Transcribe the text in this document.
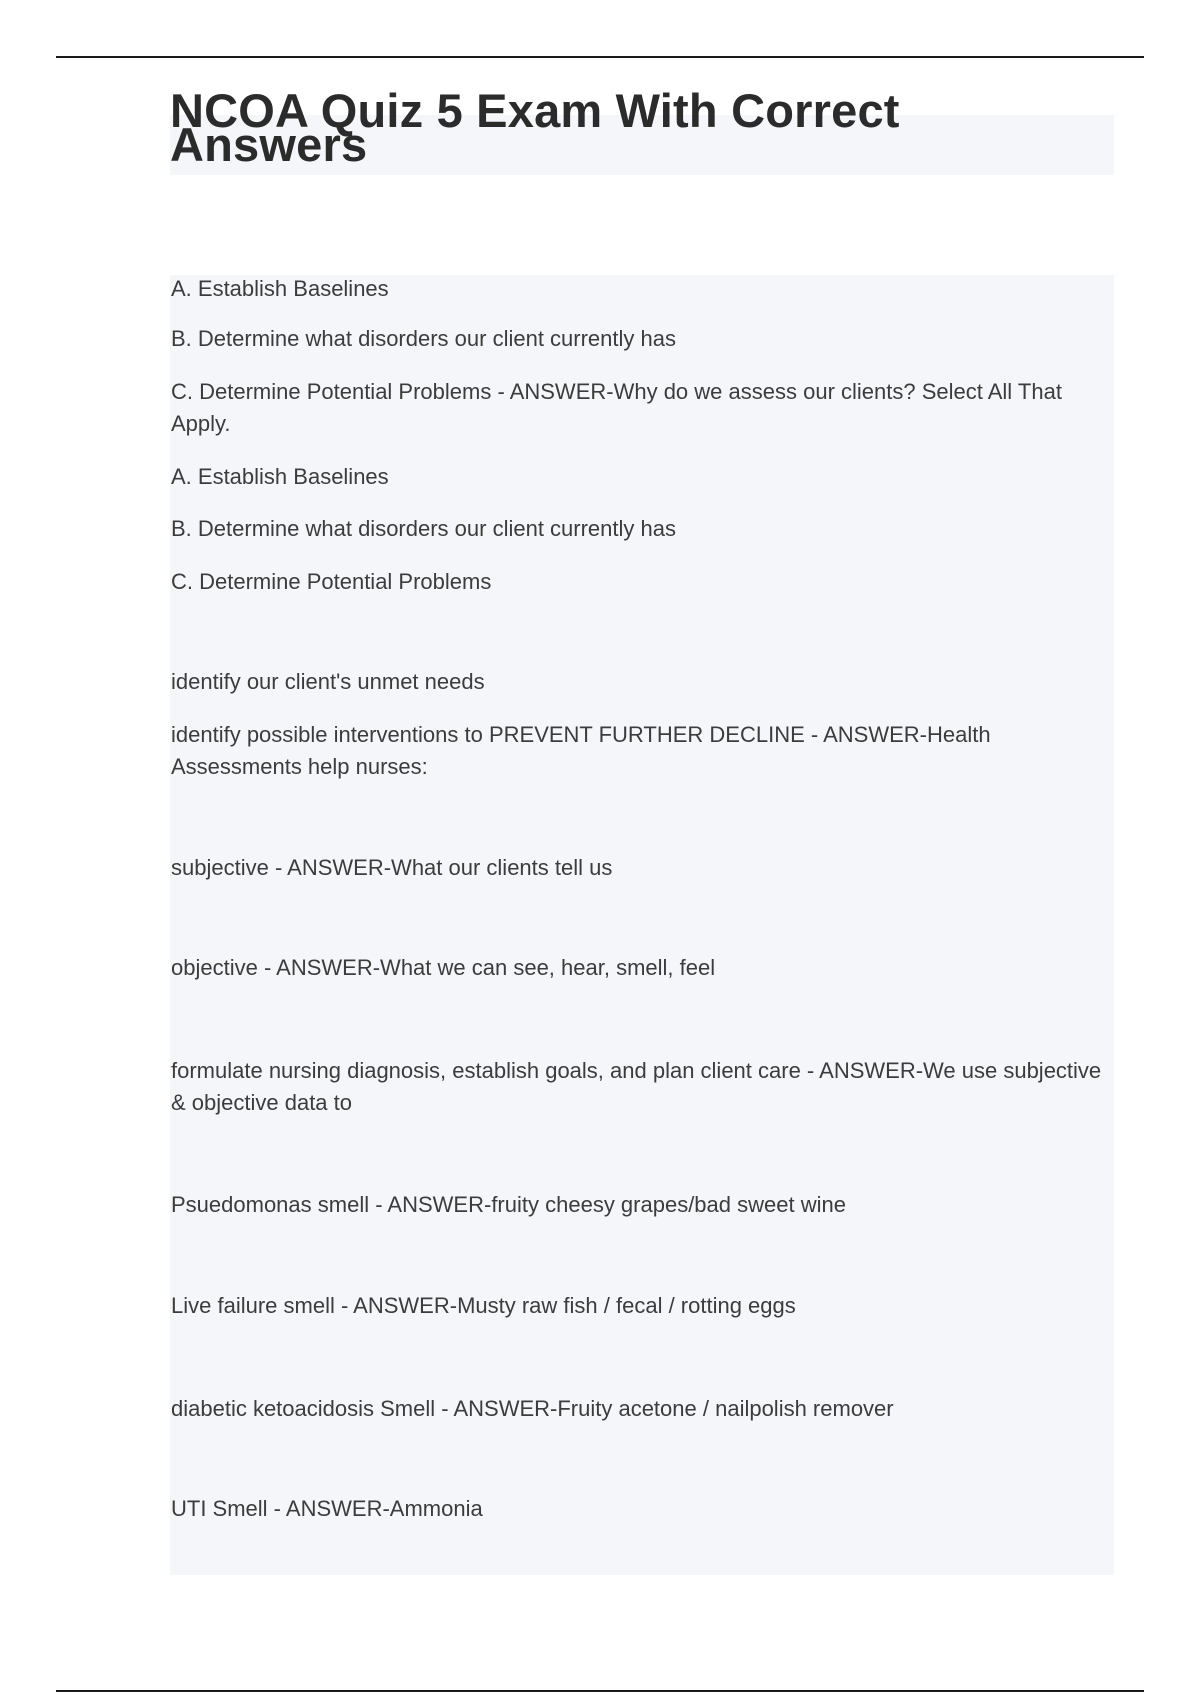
NCOA Quiz 5 Exam With Correct Answers

A. Establish Baselines

B. Determine what disorders our client currently has

C. Determine Potential Problems - ANSWER-Why do we assess our clients? Select All That Apply.

A. Establish Baselines

B. Determine what disorders our client currently has

C. Determine Potential Problems

identify our client's unmet needs

identify possible interventions to PREVENT FURTHER DECLINE - ANSWER-Health Assessments help nurses:

subjective - ANSWER-What our clients tell us

objective - ANSWER-What we can see, hear, smell, feel

formulate nursing diagnosis, establish goals, and plan client care - ANSWER-We use subjective & objective data to

Psuedomonas smell - ANSWER-fruity cheesy grapes/bad sweet wine

Live failure smell - ANSWER-Musty raw fish / fecal / rotting eggs

diabetic ketoacidosis Smell - ANSWER-Fruity acetone / nailpolish remover

UTI Smell - ANSWER-Ammonia
